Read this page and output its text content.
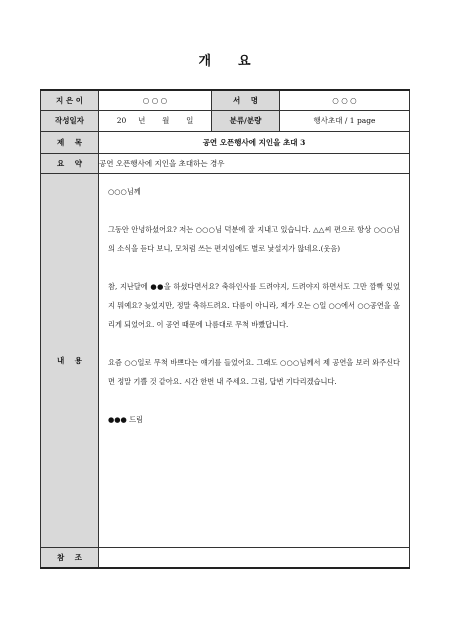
개 요
지 은 이	○ ○ ○	서    명	○ ○ ○
작성일자	20 년 월 일	분류/분량	행사초대 / 1 page
제    목	공연 오픈행사에 지인을 초대 3		
요    약	공연 오픈행사에 지인을 초대하는 경우		
내    용	○○○님께

그동안 안녕하셨어요? 저는 ○○○님 덕분에 잘 지내고 있습니다. △△씨 편으로 항상 ○○○님의 소식을 듣다 보니, 모처럼 쓰는 편지임에도 별로 낯설지가 않네요.(웃음)

참, 지난달에 ●●을 하셨다면서요? 축하인사를 드려야지, 드려야지 하면서도 그만 깜빡 잊었지 뭐예요? 늦었지만, 정말 축하드려요. 다름이 아니라, 제가 오는 ○일 ○○에서 ○○공연을 올리게 되었어요. 이 공연 때문에 나름대로 무척 바빴답니다.

요즘 ○○일로 무척 바쁘다는 얘기를 들었어요. 그래도 ○○○님께서 제 공연을 보러 와주신다면 정말 기쁠 것 같아요. 시간 한번 내 주세요. 그럼, 답변 기다리겠습니다.

●●● 드림		

참    조			
